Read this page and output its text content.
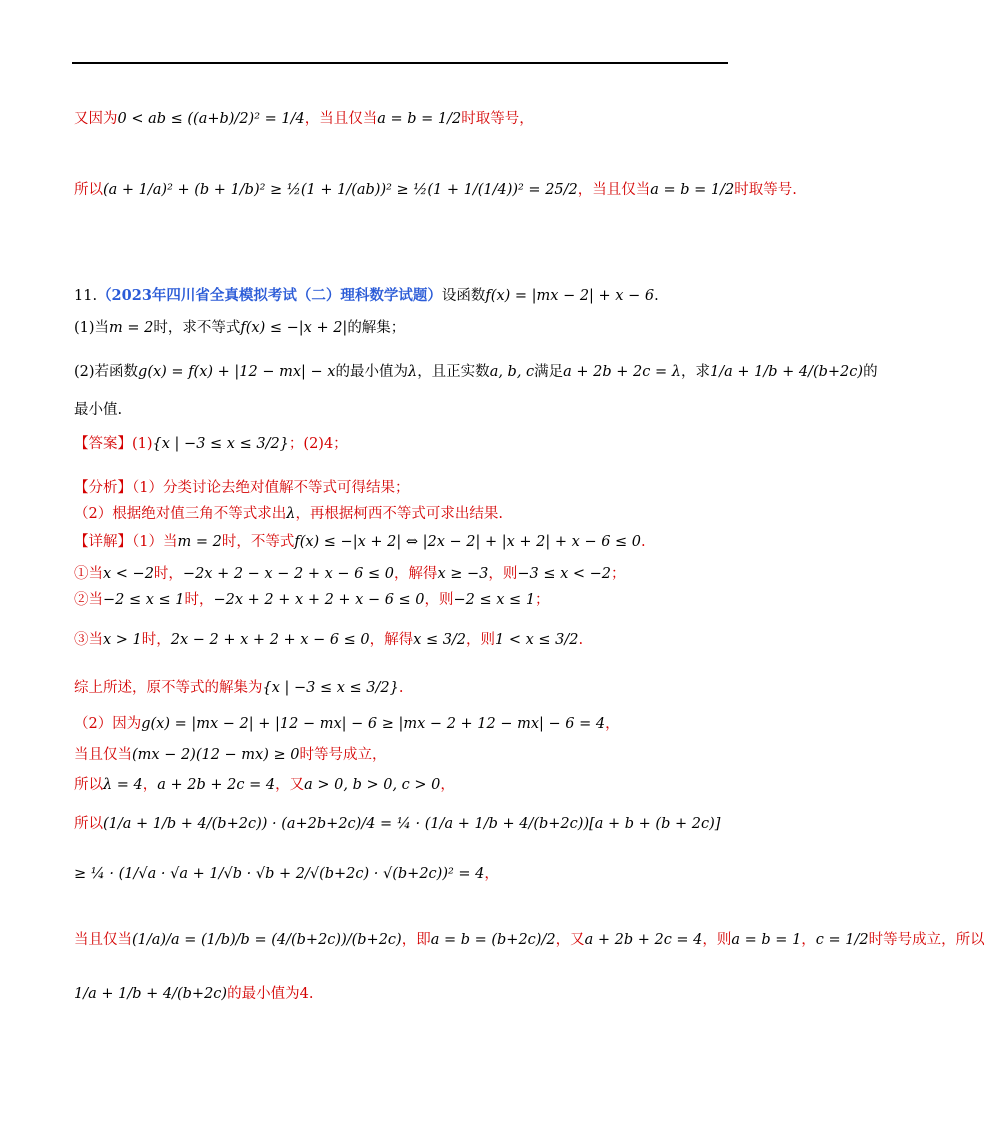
又因为0 < ab ≤ ((a+b)/2)² = 1/4，当且仅当a = b = 1/2时取等号，
所以(a + 1/a)² + (b + 1/b)² ≥ ½(1 + 1/(ab))² ≥ ½(1 + 1/(1/4))² = 25/2，当且仅当a = b = 1/2时取等号.
11.（2023年四川省全真模拟考试（二）理科数学试题）设函数f(x) = |mx − 2| + x − 6.
(1)当m = 2时，求不等式f(x) ≤ −|x + 2|的解集；
(2)若函数g(x) = f(x) + |12 − mx| − x的最小值为λ，且正实数a, b, c满足a + 2b + 2c = λ，求1/a + 1/b + 4/(b+2c)的
最小值.
【答案】(1){x | −3 ≤ x ≤ 3/2}；(2)4；
【分析】（1）分类讨论去绝对值解不等式可得结果；
（2）根据绝对值三角不等式求出λ，再根据柯西不等式可求出结果.
【详解】（1）当m = 2时，不等式f(x) ≤ −|x + 2| ⇔ |2x − 2| + |x + 2| + x − 6 ≤ 0.
①当x < −2时，−2x + 2 − x − 2 + x − 6 ≤ 0，解得x ≥ −3，则−3 ≤ x < −2；
②当−2 ≤ x ≤ 1时，−2x + 2 + x + 2 + x − 6 ≤ 0，则−2 ≤ x ≤ 1；
③当x > 1时，2x − 2 + x + 2 + x − 6 ≤ 0，解得x ≤ 3/2，则1 < x ≤ 3/2.
综上所述，原不等式的解集为{x | −3 ≤ x ≤ 3/2}.
（2）因为g(x) = |mx − 2| + |12 − mx| − 6 ≥ |mx − 2 + 12 − mx| − 6 = 4，
当且仅当(mx − 2)(12 − mx) ≥ 0时等号成立，
所以λ = 4，a + 2b + 2c = 4，又a > 0, b > 0, c > 0，
所以(1/a + 1/b + 4/(b+2c)) · (a+2b+2c)/4 = ¼ · (1/a + 1/b + 4/(b+2c))[a + b + (b + 2c)]
≥ ¼ · (1/√a · √a + 1/√b · √b + 2/√(b+2c) · √(b+2c))² = 4，
当且仅当(1/a)/a = (1/b)/b = (4/(b+2c))/(b+2c)，即a = b = (b+2c)/2，又a + 2b + 2c = 4，则a = b = 1，c = 1/2时等号成立，所以
1/a + 1/b + 4/(b+2c)的最小值为4.
